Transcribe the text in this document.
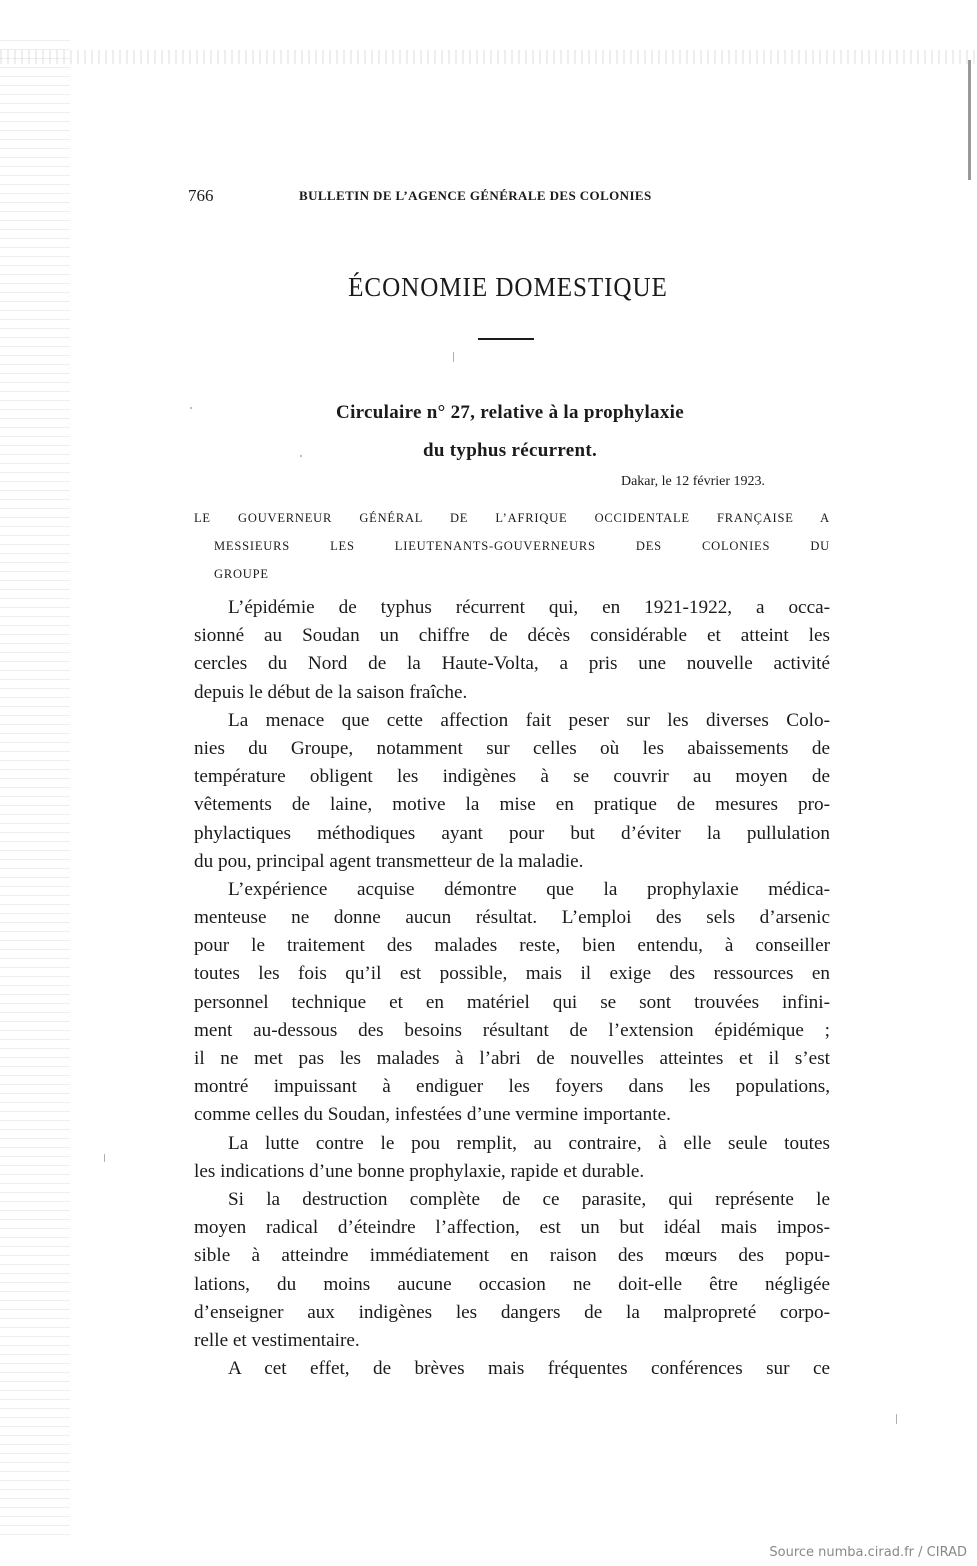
766	BULLETIN DE L’AGENCE GÉNÉRALE DES COLONIES
ÉCONOMIE DOMESTIQUE
Circulaire n° 27, relative à la prophylaxie
du typhus récurrent.
Dakar, le 12 février 1923.
LE GOUVERNEUR GÉNÉRAL DE L’AFRIQUE OCCIDENTALE FRANÇAISE A
MESSIEURS LES LIEUTENANTS-GOUVERNEURS DES COLONIES DU
GROUPE
L’épidémie de typhus récurrent qui, en 1921-1922, a occa-
sionné au Soudan un chiffre de décès considérable et atteint les
cercles du Nord de la Haute-Volta, a pris une nouvelle activité
depuis le début de la saison fraîche.
La menace que cette affection fait peser sur les diverses Colo-
nies du Groupe, notamment sur celles où les abaissements de
température obligent les indigènes à se couvrir au moyen de
vêtements de laine, motive la mise en pratique de mesures pro-
phylactiques méthodiques ayant pour but d’éviter la pullulation
du pou, principal agent transmetteur de la maladie.
L’expérience acquise démontre que la prophylaxie médica-
menteuse ne donne aucun résultat. L’emploi des sels d’arsenic
pour le traitement des malades reste, bien entendu, à conseiller
toutes les fois qu’il est possible, mais il exige des ressources en
personnel technique et en matériel qui se sont trouvées infini-
ment au-dessous des besoins résultant de l’extension épidémique ;
il ne met pas les malades à l’abri de nouvelles atteintes et il s’est
montré impuissant à endiguer les foyers dans les populations,
comme celles du Soudan, infestées d’une vermine importante.
La lutte contre le pou remplit, au contraire, à elle seule toutes
les indications d’une bonne prophylaxie, rapide et durable.
Si la destruction complète de ce parasite, qui représente le
moyen radical d’éteindre l’affection, est un but idéal mais impos-
sible à atteindre immédiatement en raison des mœurs des popu-
lations, du moins aucune occasion ne doit-elle être négligée
d’enseigner aux indigènes les dangers de la malpropreté corpo-
relle et vestimentaire.
A cet effet, de brèves mais fréquentes conférences sur ce
Source numba.cirad.fr / CIRAD
